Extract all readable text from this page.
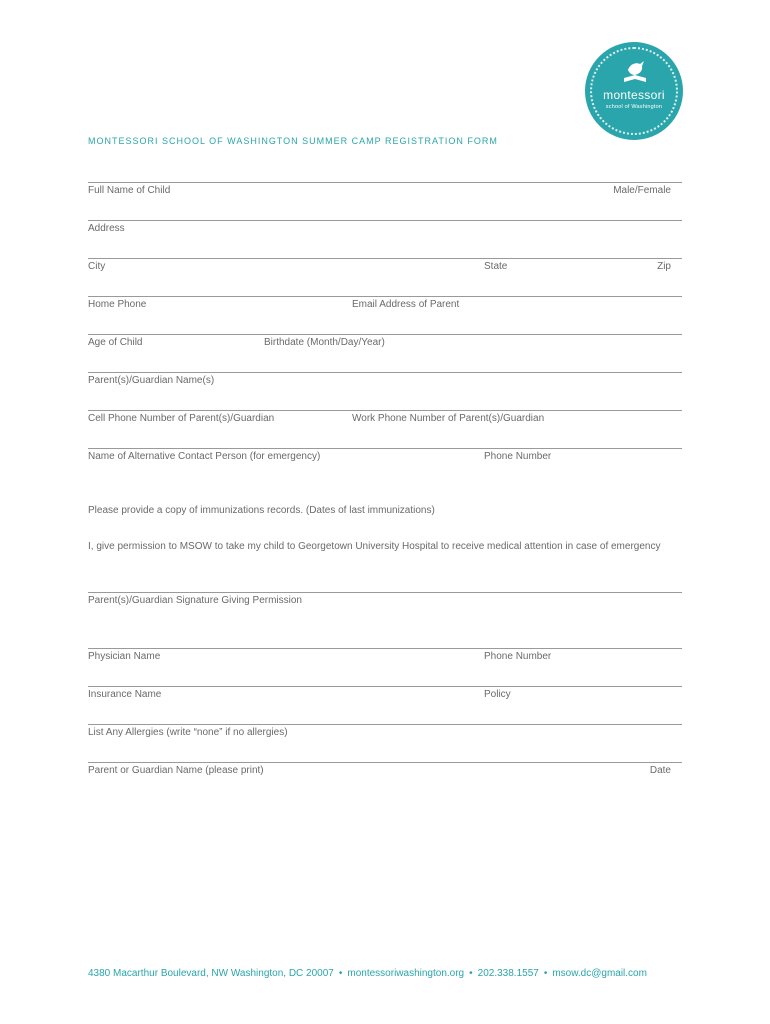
montessori
school of Washington
MONTESSORI SCHOOL OF WASHINGTON SUMMER CAMP REGISTRATION FORM
Full Name of Child	Male/Female
Address
City	State	Zip
Home Phone	Email Address of Parent
Age of Child	Birthdate (Month/Day/Year)
Parent(s)/Guardian Name(s)
Cell Phone Number of Parent(s)/Guardian	Work Phone Number of Parent(s)/Guardian
Name of Alternative Contact Person (for emergency)	Phone Number
Please provide a copy of immunizations records. (Dates of last immunizations)
I, give permission to MSOW to take my child to Georgetown University Hospital to receive medical attention in case of emergency
Parent(s)/Guardian Signature Giving Permission
Physician Name	Phone Number
Insurance Name	Policy
List Any Allergies (write “none” if no allergies)
Parent or Guardian Name (please print)	Date
4380 Macarthur Boulevard, NW Washington, DC 20007 • montessoriwashington.org • 202.338.1557 • msow.dc@gmail.com
